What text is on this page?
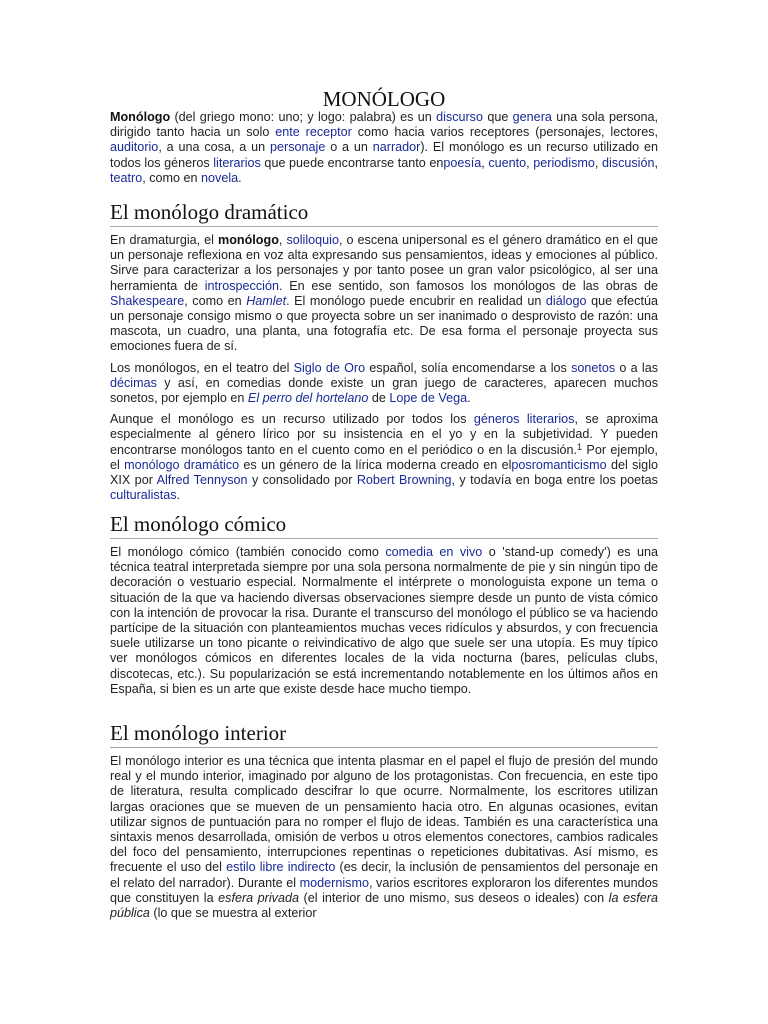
MONÓLOGO

Monólogo (del griego mono: uno; y logo: palabra) es un discurso que genera una sola persona, dirigido tanto hacia un solo ente receptor como hacia varios receptores (personajes, lectores, auditorio, a una cosa, a un personaje o a un narrador). El monólogo es un recurso utilizado en todos los géneros literarios que puede encontrarse tanto enpoesía, cuento, periodismo, discusión, teatro, como en novela.

El monólogo dramático

En dramaturgia, el monólogo, soliloquio, o escena unipersonal es el género dramático en el que un personaje reflexiona en voz alta expresando sus pensamientos, ideas y emociones al público. Sirve para caracterizar a los personajes y por tanto posee un gran valor psicológico, al ser una herramienta de introspección. En ese sentido, son famosos los monólogos de las obras de Shakespeare, como en Hamlet. El monólogo puede encubrir en realidad un diálogo que efectúa un personaje consigo mismo o que proyecta sobre un ser inanimado o desprovisto de razón: una mascota, un cuadro, una planta, una fotografía etc. De esa forma el personaje proyecta sus emociones fuera de sí.

Los monólogos, en el teatro del Siglo de Oro español, solía encomendarse a los sonetos o a las décimas y así, en comedias donde existe un gran juego de caracteres, aparecen muchos sonetos, por ejemplo en El perro del hortelano de Lope de Vega.

Aunque el monólogo es un recurso utilizado por todos los géneros literarios, se aproxima especialmente al género lírico por su insistencia en el yo y en la subjetividad. Y pueden encontrarse monólogos tanto en el cuento como en el periódico o en la discusión.$^1$ Por ejemplo, el monólogo dramático es un género de la lírica moderna creado en elposromanticismo del siglo XIX por Alfred Tennyson y consolidado por Robert Browning, y todavía en boga entre los poetas culturalistas.

El monólogo cómico

El monólogo cómico (también conocido como comedia en vivo o 'stand-up comedy') es una técnica teatral interpretada siempre por una sola persona normalmente de pie y sin ningún tipo de decoración o vestuario especial. Normalmente el intérprete o monologuista expone un tema o situación de la que va haciendo diversas observaciones siempre desde un punto de vista cómico con la intención de provocar la risa. Durante el transcurso del monólogo el público se va haciendo partícipe de la situación con planteamientos muchas veces ridículos y absurdos, y con frecuencia suele utilizarse un tono picante o reivindicativo de algo que suele ser una utopía. Es muy típico ver monólogos cómicos en diferentes locales de la vida nocturna (bares, películas clubs, discotecas, etc.). Su popularización se está incrementando notablemente en los últimos años en España, si bien es un arte que existe desde hace mucho tiempo.

El monólogo interior

El monólogo interior es una técnica que intenta plasmar en el papel el flujo de presión del mundo real y el mundo interior, imaginado por alguno de los protagonistas. Con frecuencia, en este tipo de literatura, resulta complicado descifrar lo que ocurre. Normalmente, los escritores utilizan largas oraciones que se mueven de un pensamiento hacia otro. En algunas ocasiones, evitan utilizar signos de puntuación para no romper el flujo de ideas. También es una característica una sintaxis menos desarrollada, omisión de verbos u otros elementos conectores, cambios radicales del foco del pensamiento, interrupciones repentinas o repeticiones dubitativas. Así mismo, es frecuente el uso del estilo libre indirecto (es decir, la inclusión de pensamientos del personaje en el relato del narrador). Durante el modernismo, varios escritores exploraron los diferentes mundos que constituyen la esfera privada (el interior de uno mismo, sus deseos o ideales) con la esfera pública (lo que se muestra al exterior
